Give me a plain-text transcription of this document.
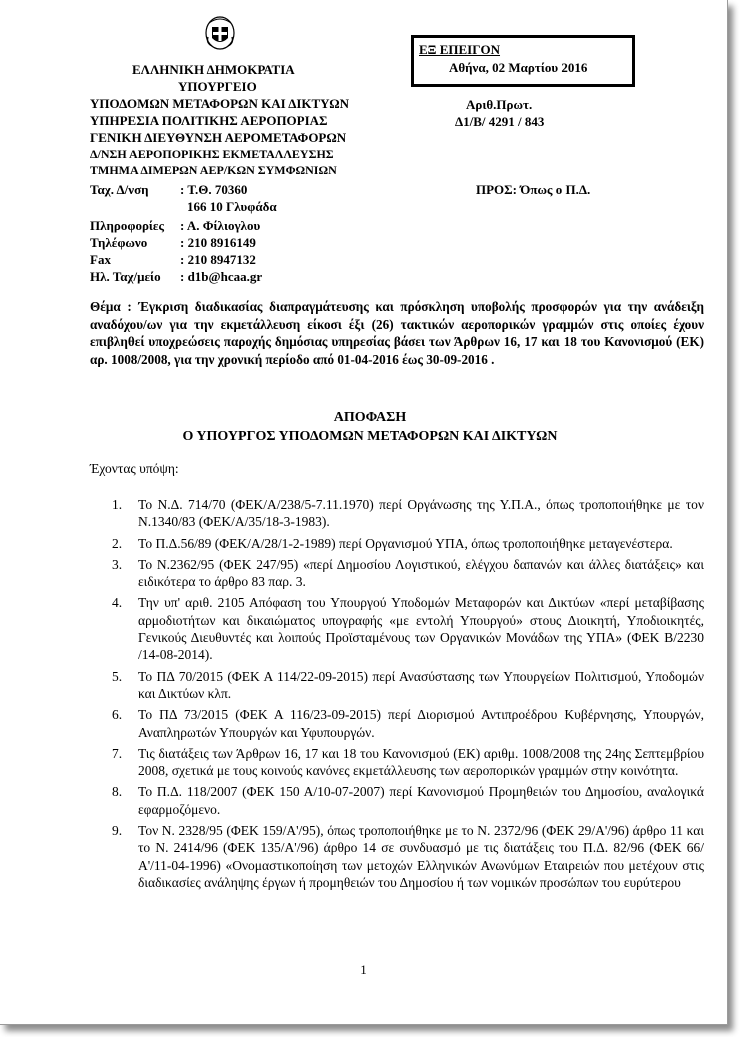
ΕΛΛΗΝΙΚΗ ΔΗΜΟΚΡΑΤΙΑ
ΥΠΟΥΡΓΕΙΟ
ΥΠΟΔΟΜΩΝ ΜΕΤΑΦΟΡΩΝ ΚΑΙ ΔΙΚΤΥΩΝ
ΥΠΗΡΕΣΙΑ ΠΟΛΙΤΙΚΗΣ ΑΕΡΟΠΟΡΙΑΣ
ΓΕΝΙΚΗ ΔΙΕΥΘΥΝΣΗ ΑΕΡΟΜΕΤΑΦΟΡΩΝ
Δ/ΝΣΗ ΑΕΡΟΠΟΡΙΚΗΣ ΕΚΜΕΤΑΛΛΕΥΣΗΣ
ΤΜΗΜΑ ΔΙΜΕΡΩΝ ΑΕΡ/ΚΩΝ ΣΥΜΦΩΝΙΩΝ
Ταχ. Δ/νση : Τ.Θ. 70360
166 10 Γλυφάδα
Πληροφορίες : Α. Φίλιογλου
Τηλέφωνο	: 210 8916149
Fax	: 210 8947132
Ηλ. Ταχ/μείο : d1b@hcaa.gr
ΕΞ ΕΠΕΙΓΟΝ
Αθήνα, 02 Μαρτίου 2016
Αριθ.Πρωτ.
Δ1/Β/ 4291 / 843
ΠΡΟΣ: Όπως ο Π.Δ.
Θέμα : Έγκριση διαδικασίας διαπραγμάτευσης και πρόσκληση υποβολής προσφορών για την ανάδειξη αναδόχου/ων για την εκμετάλλευση είκοσι έξι (26) τακτικών αεροπορικών γραμμών στις οποίες έχουν επιβληθεί υποχρεώσεις παροχής δημόσιας υπηρεσίας βάσει των Άρθρων 16, 17 και 18 του Κανονισμού (ΕΚ) αρ. 1008/2008, για την χρονική περίοδο από 01-04-2016 έως 30-09-2016 .
ΑΠΟΦΑΣΗ
Ο ΥΠΟΥΡΓΟΣ ΥΠΟΔΟΜΩΝ ΜΕΤΑΦΟΡΩΝ ΚΑΙ ΔΙΚΤΥΩΝ
Έχοντας υπόψη:
1. Το Ν.Δ. 714/70 (ΦΕΚ/Α/238/5-7.11.1970) περί Οργάνωσης της Υ.Π.Α., όπως τροποποιήθηκε με τον Ν.1340/83 (ΦΕΚ/Α/35/18-3-1983).
2. Το Π.Δ.56/89 (ΦΕΚ/Α/28/1-2-1989) περί Οργανισμού ΥΠΑ, όπως τροποποιήθηκε μεταγενέστερα.
3. Το Ν.2362/95 (ΦΕΚ 247/95) «περί Δημοσίου Λογιστικού, ελέγχου δαπανών και άλλες διατάξεις» και ειδικότερα το άρθρο 83 παρ. 3.
4. Την υπ' αριθ. 2105 Απόφαση του Υπουργού Υποδομών Μεταφορών και Δικτύων «περί μεταβίβασης αρμοδιοτήτων και δικαιώματος υπογραφής «με εντολή Υπουργού» στους Διοικητή, Υποδιοικητές, Γενικούς Διευθυντές και λοιπούς Προϊσταμένους των Οργανικών Μονάδων της ΥΠΑ» (ΦΕΚ Β/2230 /14-08-2014).
5. Το ΠΔ 70/2015 (ΦΕΚ Α 114/22-09-2015) περί Ανασύστασης των Υπουργείων Πολιτισμού, Υποδομών και Δικτύων κλπ.
6. Το ΠΔ 73/2015 (ΦΕΚ Α 116/23-09-2015) περί Διορισμού Αντιπροέδρου Κυβέρνησης, Υπουργών, Αναπληρωτών Υπουργών και Υφυπουργών.
7. Τις διατάξεις των Άρθρων 16, 17 και 18 του Κανονισμού (ΕΚ) αριθμ. 1008/2008 της 24ης Σεπτεμβρίου 2008, σχετικά με τους κοινούς κανόνες εκμετάλλευσης των αεροπορικών γραμμών στην κοινότητα.
8. Το Π.Δ. 118/2007 (ΦΕΚ 150 Α/10-07-2007) περί Κανονισμού Προμηθειών του Δημοσίου, αναλογικά εφαρμοζόμενο.
9. Τον Ν. 2328/95 (ΦΕΚ 159/Α'/95), όπως τροποποιήθηκε με το Ν. 2372/96 (ΦΕΚ 29/Α'/96) άρθρο 11 και το Ν. 2414/96 (ΦΕΚ 135/Α'/96) άρθρο 14 σε συνδυασμό με τις διατάξεις του Π.Δ. 82/96 (ΦΕΚ 66/Α'/11-04-1996) «Ονομαστικοποίηση των μετοχών Ελληνικών Ανωνύμων Εταιρειών που μετέχουν στις διαδικασίες ανάληψης έργων ή προμηθειών του Δημοσίου ή των νομικών προσώπων του ευρύτερου
1
